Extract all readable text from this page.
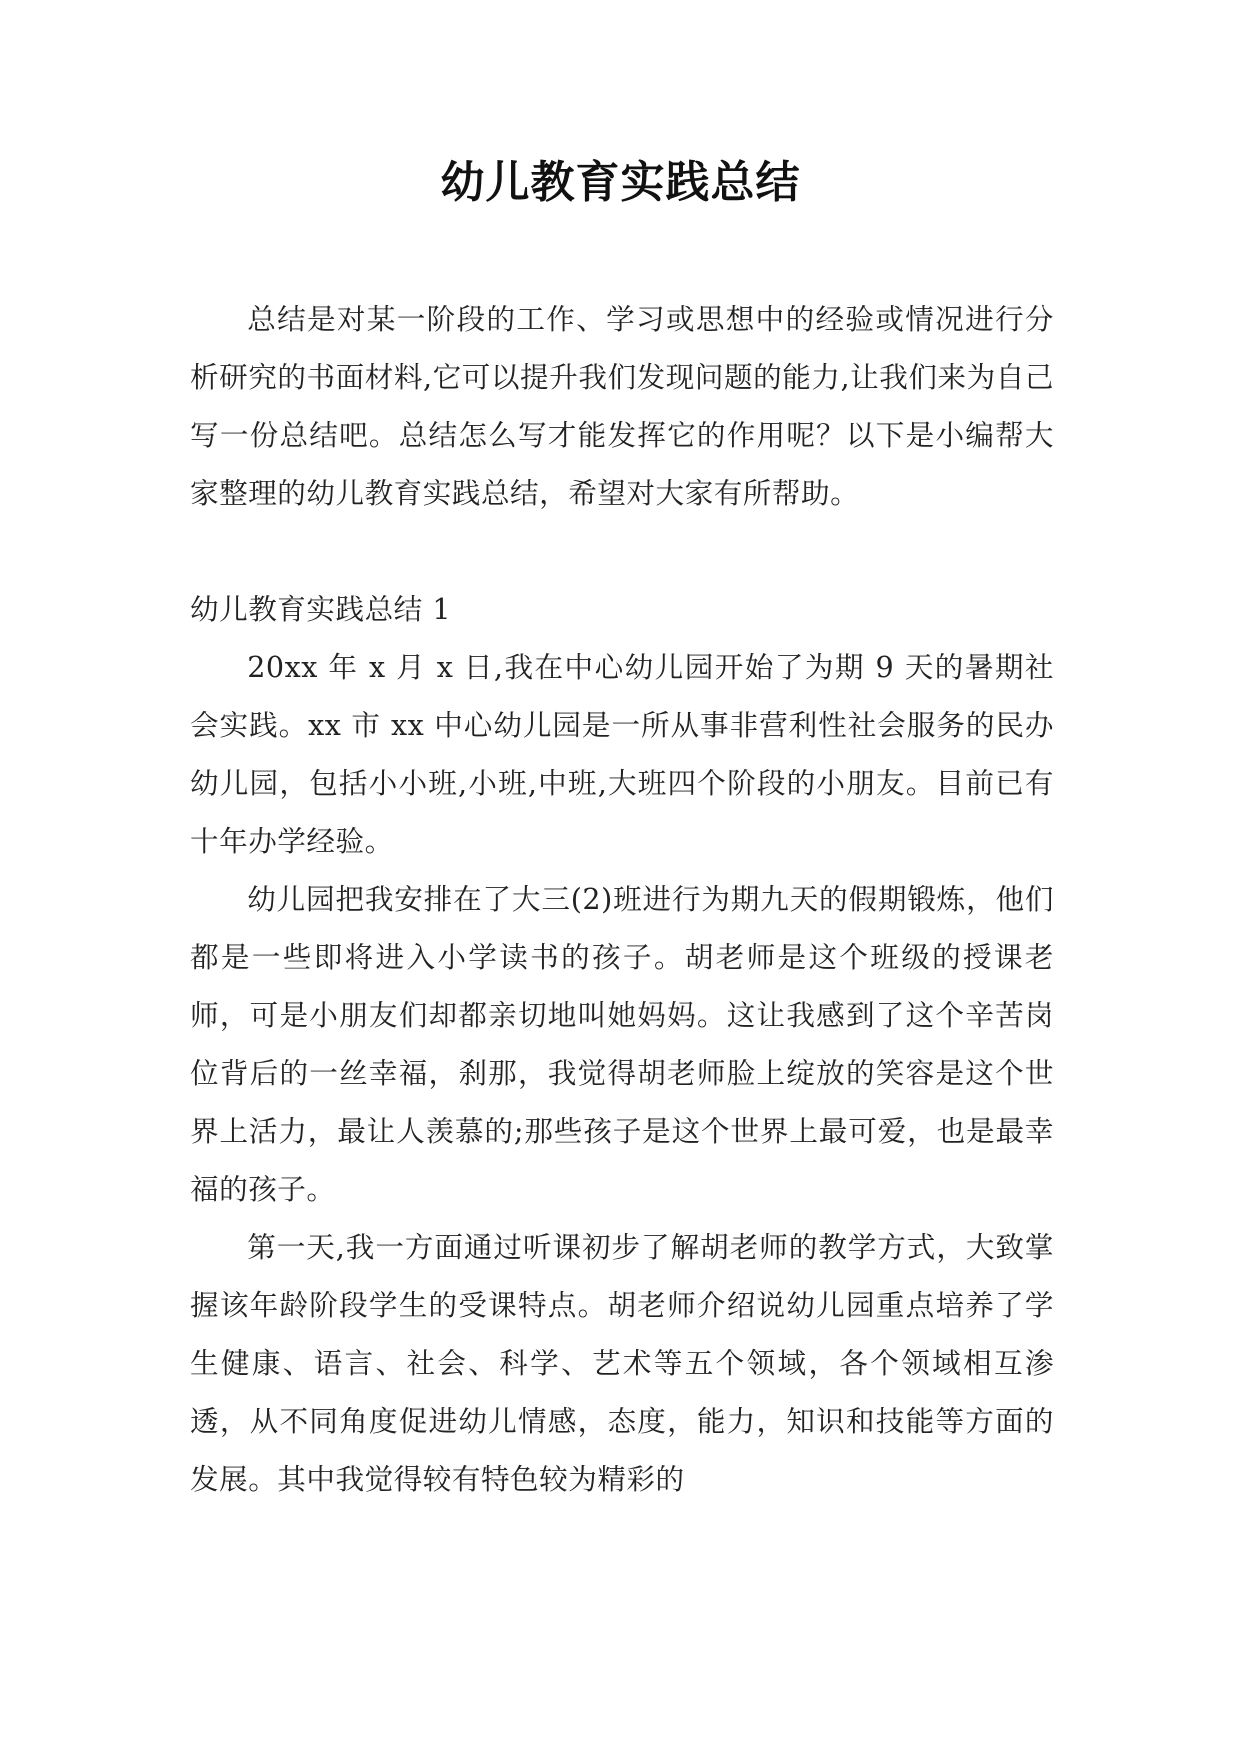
幼儿教育实践总结

总结是对某一阶段的工作、学习或思想中的经验或情况进行分析研究的书面材料,它可以提升我们发现问题的能力,让我们来为自己写一份总结吧。总结怎么写才能发挥它的作用呢？以下是小编帮大家整理的幼儿教育实践总结，希望对大家有所帮助。

幼儿教育实践总结 1

20xx 年 x 月 x 日,我在中心幼儿园开始了为期 9 天的暑期社会实践。xx 市 xx 中心幼儿园是一所从事非营利性社会服务的民办幼儿园，包括小小班,小班,中班,大班四个阶段的小朋友。目前已有十年办学经验。

幼儿园把我安排在了大三(2)班进行为期九天的假期锻炼，他们都是一些即将进入小学读书的孩子。胡老师是这个班级的授课老师，可是小朋友们却都亲切地叫她妈妈。这让我感到了这个辛苦岗位背后的一丝幸福，刹那，我觉得胡老师脸上绽放的笑容是这个世界上活力，最让人羡慕的;那些孩子是这个世界上最可爱，也是最幸福的孩子。

第一天,我一方面通过听课初步了解胡老师的教学方式，大致掌握该年龄阶段学生的受课特点。胡老师介绍说幼儿园重点培养了学生健康、语言、社会、科学、艺术等五个领域，各个领域相互渗透，从不同角度促进幼儿情感，态度，能力，知识和技能等方面的发展。其中我觉得较有特色较为精彩的
